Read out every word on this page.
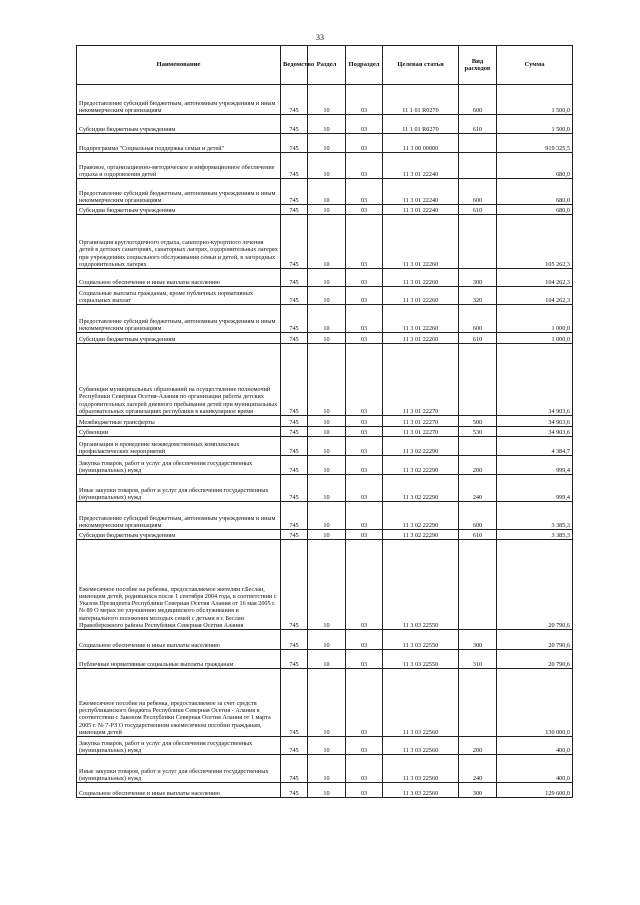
33
Наименование	Ведомство	Раздел	Подраздел	Целевая статья	Вид расходов	Сумма
Предоставление субсидий бюджетным, автономным учреждениям и иным некоммерческим организациям	745	10	03	11 1 01 R0270	600	1 500,0
Субсидии бюджетным учреждениям	745	10	03	11 1 01 R0270	610	1 500,0
Подпрограмма "Социальная поддержка семьи и детей"	745	10	03	11 3 00 00000		919 325,5
Правовое, организационно-методическое и информационное обеспечение отдыха и оздоровления детей	745	10	03	11 3 01 22240		680,0
Предоставление субсидий бюджетным, автономным учреждениям и иным некоммерческим организациям	745	10	03	11 3 01 22240	600	680,0
Субсидии бюджетным учреждениям	745	10	03	11 3 01 22240	610	680,0
Организация круглогодичного отдыха, санаторно-курортного лечения детей в детских санаториях, санаторных лагерях, оздоровительных лагерях при учреждениях социального обслуживания семьи и детей, в загородных оздоровительных лагерях	745	10	03	11 3 01 22260		105 262,3
Социальное обеспечение и иные выплаты населению	745	10	03	11 3 01 22260	300	104 262,3
Социальные выплаты гражданам, кроме публичных нормативных социальных выплат	745	10	03	11 3 01 22260	320	104 262,3
Предоставление субсидий бюджетным, автономным учреждениям и иным некоммерческим организациям	745	10	03	11 3 01 22260	600	1 000,0
Субсидии бюджетным учреждениям	745	10	03	11 3 01 22260	610	1 000,0
Субвенции муниципальных образований на осуществление полномочий Республики Северная Осетия-Алания по организации работы детских оздоровительных лагерей дневного пребывания детей при муниципальных образовательных организациях республики в каникулярное время	745	10	03	11 3 01 22270		34 903,6
Межбюджетные трансферты	745	10	03	11 3 01 22270	500	34 903,6
Субвенции	745	10	03	11 3 01 22270	530	34 903,6
Организация и проведение межведомственных комплексных профилактических мероприятий	745	10	03	11 3 02 22290		4 384,7
Закупка товаров, работ и услуг для обеспечения государственных (муниципальных) нужд	745	10	03	11 3 02 22290	200	999,4
Иные закупки товаров, работ и услуг для обеспечения государственных (муниципальных) нужд	745	10	03	11 3 02 22290	240	999,4
Предоставление субсидий бюджетным, автономным учреждениям и иным некоммерческим организациям	745	10	03	11 3 02 22290	600	3 385,3
Субсидии бюджетным учреждениям	745	10	03	11 3 02 22290	610	3 385,3
Ежемесячное пособие на ребенка, предоставляемое жителям г.Беслан, имеющим детей, родившихся после 1 сентября 2004 года, в соответствии с Указом Президента Республики Северная Осетия Алания от 16 мая 2005 г. № 89 О мерах по улучшению медицинского обслуживания и материального положения молодых семей с детьми в г. Беслан Правобережного района Республики Северная Осетия Алания	745	10	03	11 3 03 22550		20 790,6
Социальное обеспечение и иные выплаты населению	745	10	03	11 3 03 22550	300	20 790,6
Публичные нормативные социальные выплаты гражданам	745	10	03	11 3 03 22550	310	20 790,6
Ежемесячное пособие на ребенка, предоставляемое за счет средств республиканского бюджета Республики Северная Осетия - Алания в соответствии с Законом Республики Северная Осетия Алания от 1 марта 2005 г. № 7-РЗ О государственном ежемесячном пособии гражданам, имеющим детей	745	10	03	11 3 03 22560		130 000,0
Закупка товаров, работ и услуг для обеспечения государственных (муниципальных) нужд	745	10	03	11 3 03 22560	200	400,0
Иные закупки товаров, работ и услуг для обеспечения государственных (муниципальных) нужд	745	10	03	11 3 03 22560	240	400,0
Социальное обеспечение и иные выплаты населению	745	10	03	11 3 03 22560	300	129 600,0
